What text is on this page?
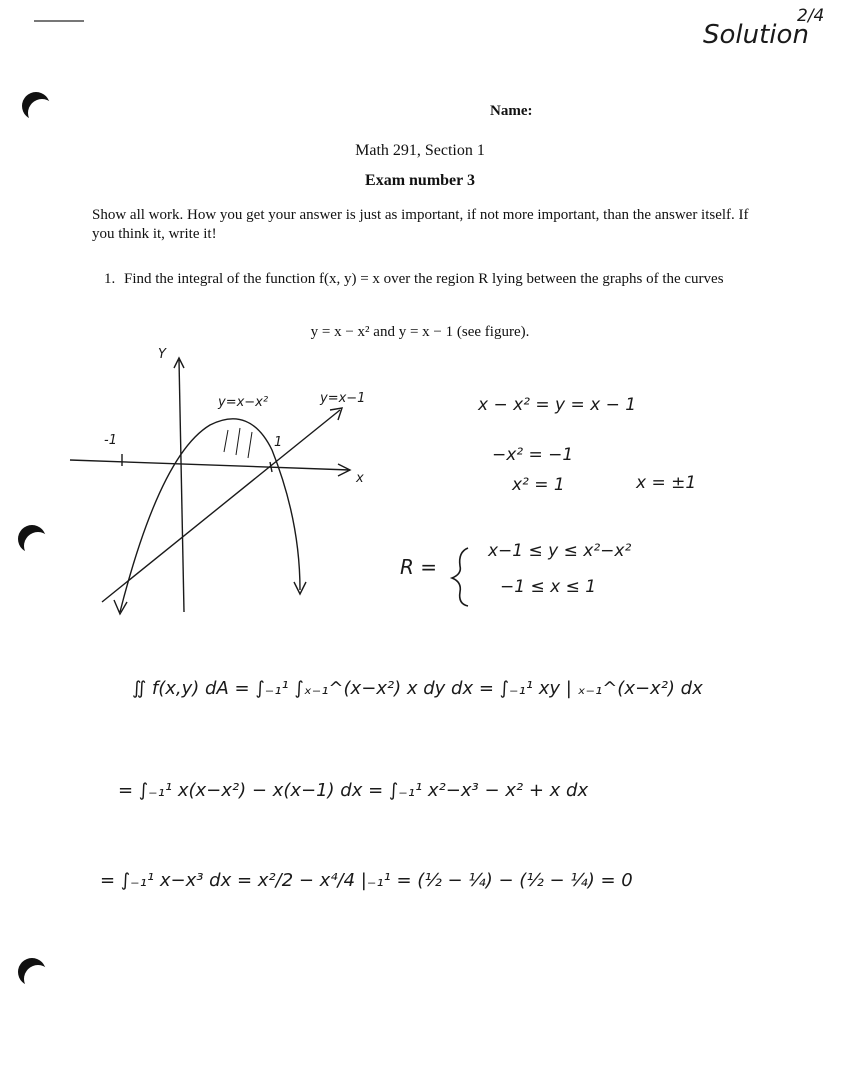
2/4
Solution
Name:
Math 291, Section 1
Exam number 3
Show all work. How you get your answer is just as important, if not more important, than the answer itself. If you think it, write it!
1. Find the integral of the function f(x, y) = x over the region R lying between the graphs of the curves
y = x − x² and y = x − 1 (see figure).
Y
x
-1	1
y=x−x²	y=x−1	x − x² = y = x − 1
−x² = −1
x² = 1	x = ±1
R =
x−1 ≤ y ≤ x²−x²
−1 ≤ x ≤ 1
∬ f(x,y) dA = ∫₋₁¹ ∫ₓ₋₁^(x−x²) x dy dx = ∫₋₁¹ xy | ₓ₋₁^(x−x²) dx
= ∫₋₁¹ x(x−x²) − x(x−1) dx = ∫₋₁¹ x²−x³ − x² + x dx
= ∫₋₁¹ x−x³ dx = x²/2 − x⁴/4 |₋₁¹ = (½ − ¼) − (½ − ¼) = 0
